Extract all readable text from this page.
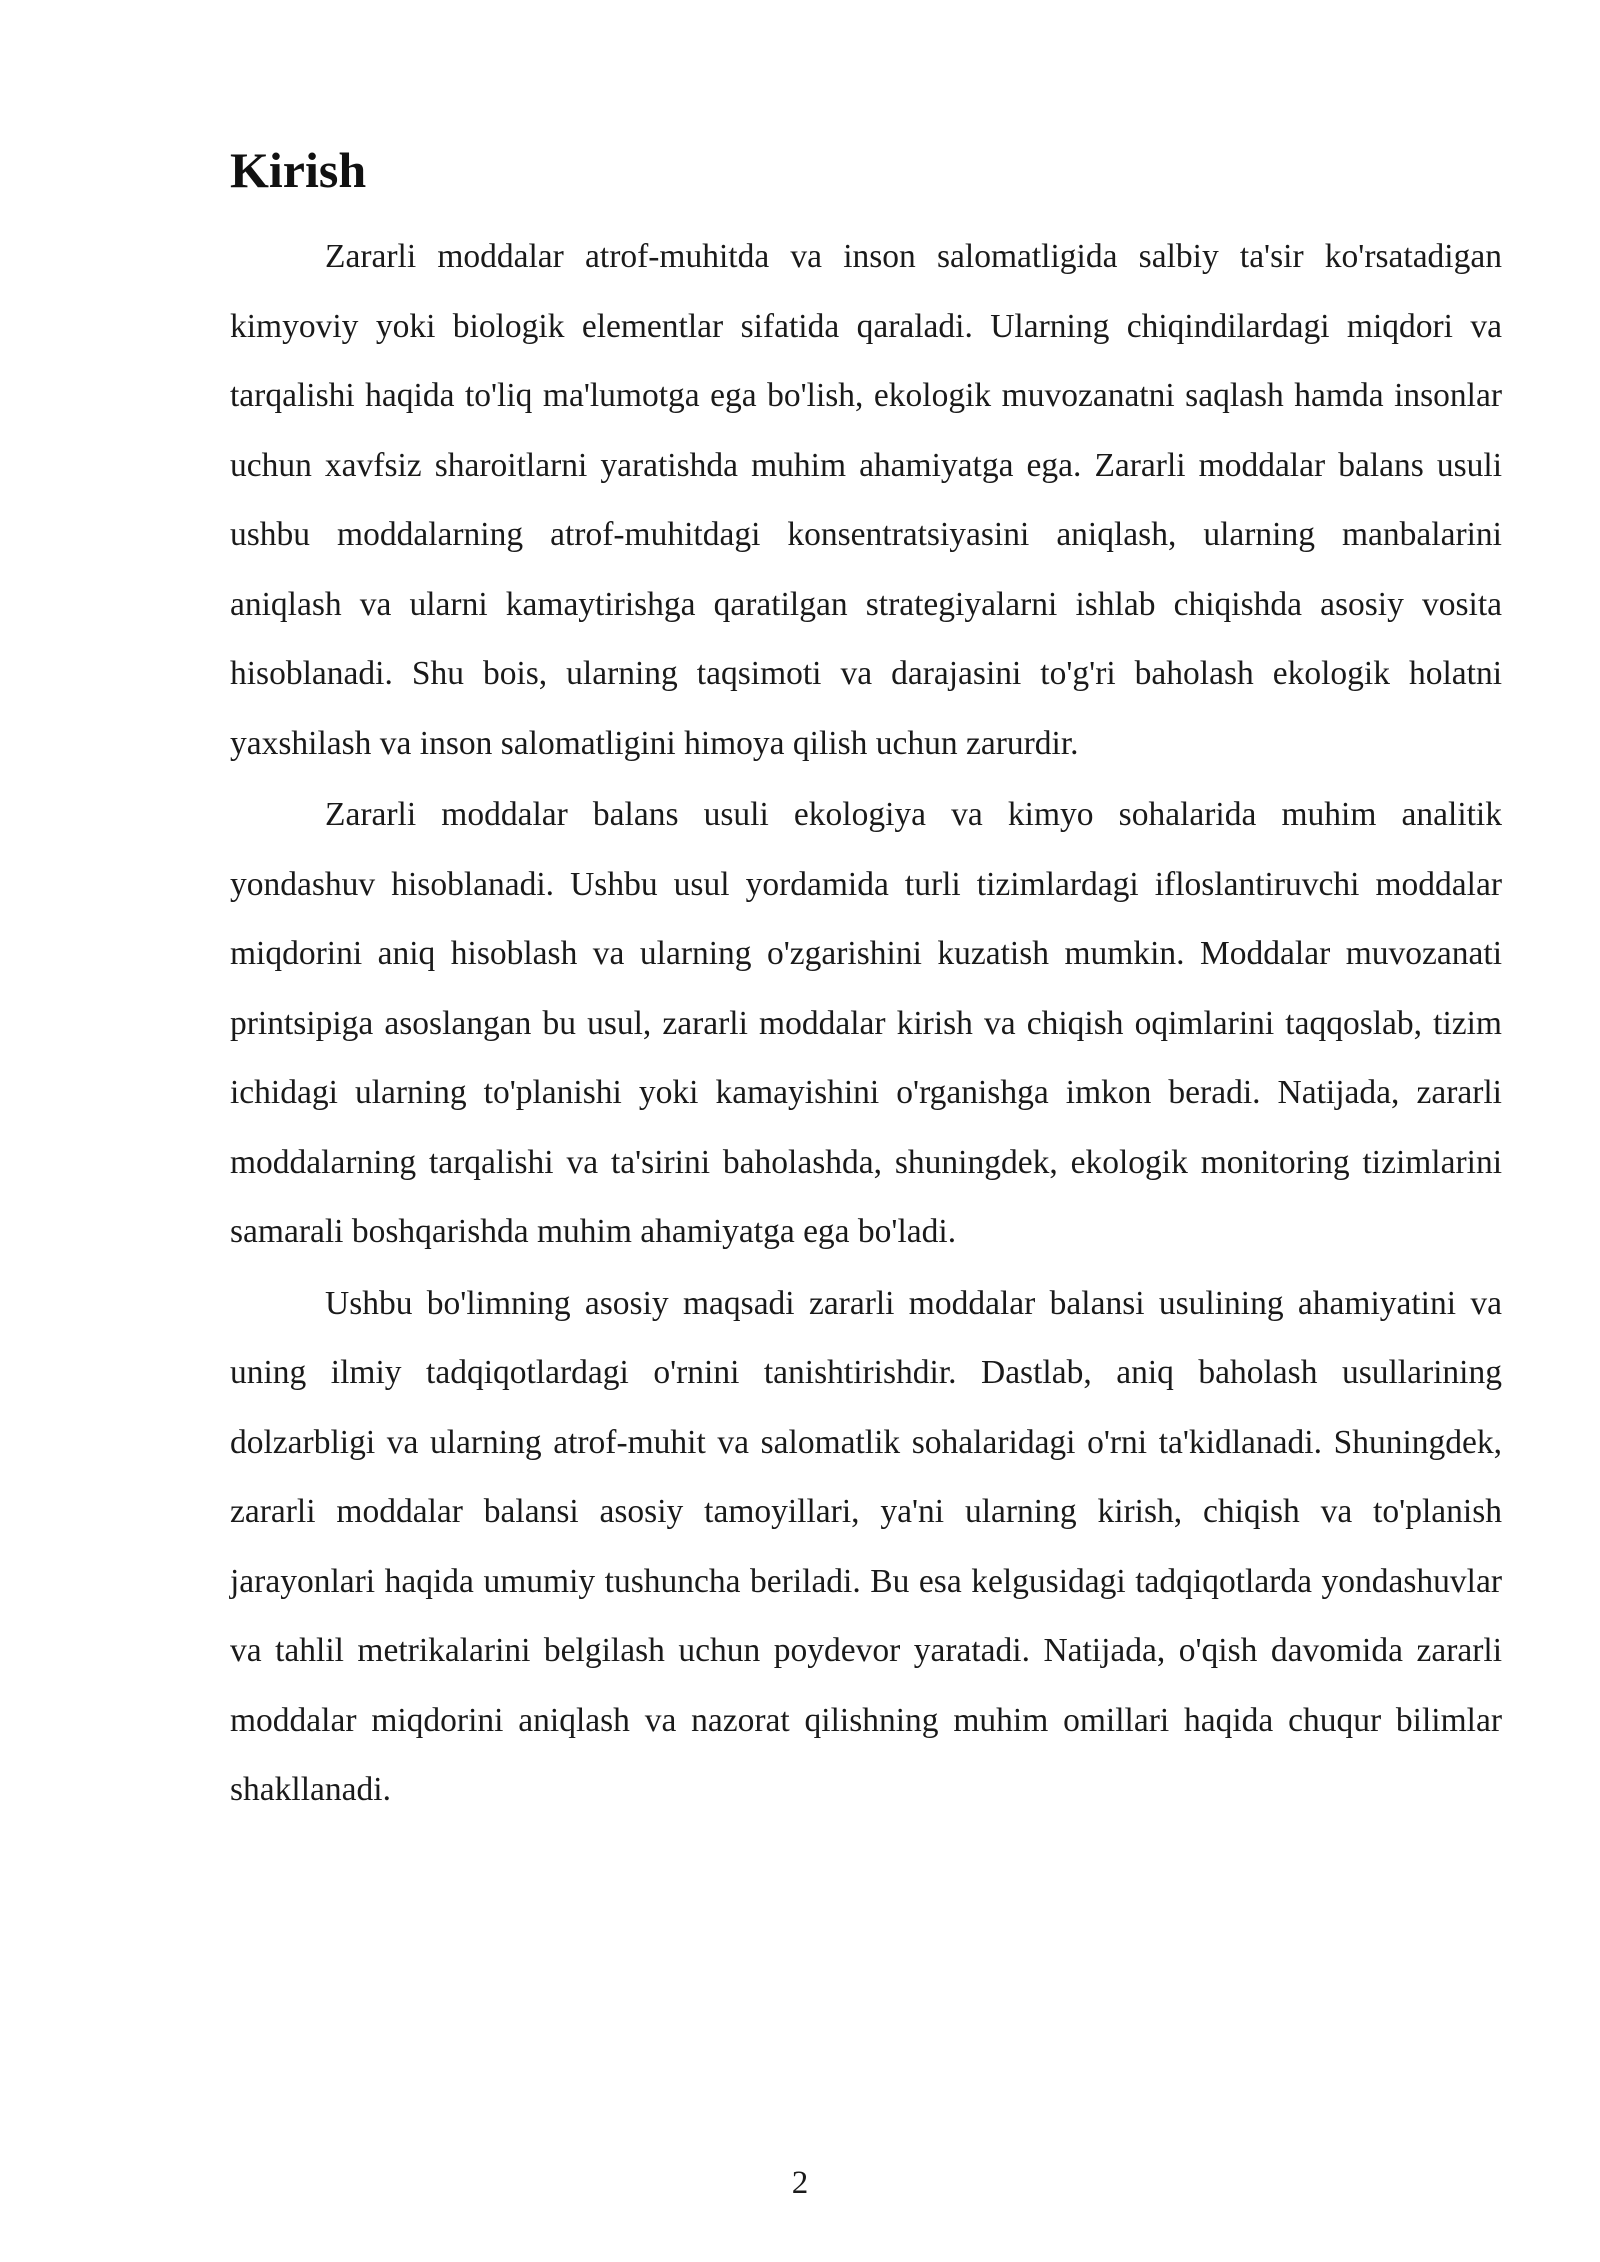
Kirish

Zararli moddalar atrof-muhitda va inson salomatligida salbiy ta'sir ko'rsatadigan kimyoviy yoki biologik elementlar sifatida qaraladi. Ularning chiqindilardagi miqdori va tarqalishi haqida to'liq ma'lumotga ega bo'lish, ekologik muvozanatni saqlash hamda insonlar uchun xavfsiz sharoitlarni yaratishda muhim ahamiyatga ega. Zararli moddalar balans usuli ushbu moddalarning atrof-muhitdagi konsentratsiyasini aniqlash, ularning manbalarini aniqlash va ularni kamaytirishga qaratilgan strategiyalarni ishlab chiqishda asosiy vosita hisoblanadi. Shu bois, ularning taqsimoti va darajasini to'g'ri baholash ekologik holatni yaxshilash va inson salomatligini himoya qilish uchun zarurdir.

Zararli moddalar balans usuli ekologiya va kimyo sohalarida muhim analitik yondashuv hisoblanadi. Ushbu usul yordamida turli tizimlardagi ifloslantiruvchi moddalar miqdorini aniq hisoblash va ularning o'zgarishini kuzatish mumkin. Moddalar muvozanati printsipiga asoslangan bu usul, zararli moddalar kirish va chiqish oqimlarini taqqoslab, tizim ichidagi ularning to'planishi yoki kamayishini o'rganishga imkon beradi. Natijada, zararli moddalarning tarqalishi va ta'sirini baholashda, shuningdek, ekologik monitoring tizimlarini samarali boshqarishda muhim ahamiyatga ega bo'ladi.

Ushbu bo'limning asosiy maqsadi zararli moddalar balansi usulining ahamiyatini va uning ilmiy tadqiqotlardagi o'rnini tanishtirishdir. Dastlab, aniq baholash usullarining dolzarbligi va ularning atrof-muhit va salomatlik sohalaridagi o'rni ta'kidlanadi. Shuningdek, zararli moddalar balansi asosiy tamoyillari, ya'ni ularning kirish, chiqish va to'planish jarayonlari haqida umumiy tushuncha beriladi. Bu esa kelgusidagi tadqiqotlarda yondashuvlar va tahlil metrikalarini belgilash uchun poydevor yaratadi. Natijada, o'qish davomida zararli moddalar miqdorini aniqlash va nazorat qilishning muhim omillari haqida chuqur bilimlar shakllanadi.

2
